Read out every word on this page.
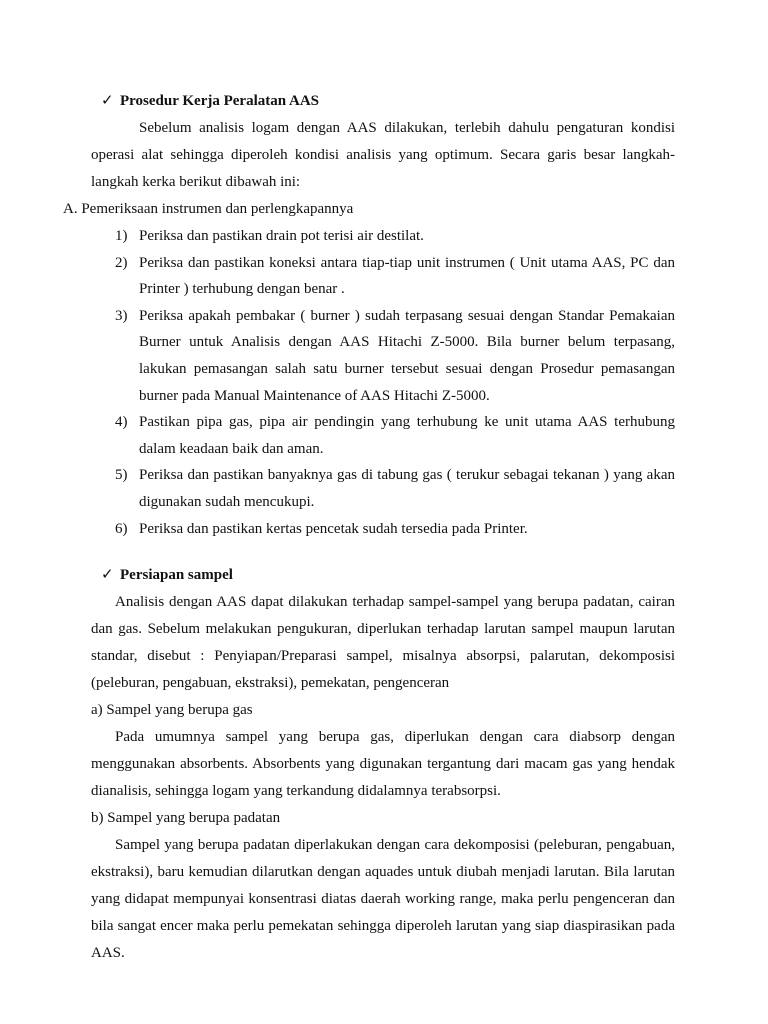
✓ Prosedur Kerja Peralatan AAS

Sebelum analisis logam dengan AAS dilakukan, terlebih dahulu pengaturan kondisi operasi alat sehingga diperoleh kondisi analisis yang optimum. Secara garis besar langkah-langkah kerka berikut dibawah ini:

A. Pemeriksaan instrumen dan perlengkapannya
1) Periksa dan pastikan drain pot terisi air destilat.
2) Periksa dan pastikan koneksi antara tiap-tiap unit instrumen ( Unit utama AAS, PC dan Printer ) terhubung dengan benar .
3) Periksa apakah pembakar ( burner ) sudah terpasang sesuai dengan Standar Pemakaian Burner untuk Analisis dengan AAS Hitachi Z-5000. Bila burner belum terpasang, lakukan pemasangan salah satu burner tersebut sesuai dengan Prosedur pemasangan burner pada Manual Maintenance of AAS Hitachi Z-5000.
4) Pastikan pipa gas, pipa air pendingin yang terhubung ke unit utama AAS terhubung dalam keadaan baik dan aman.
5) Periksa dan pastikan banyaknya gas di tabung gas ( terukur sebagai tekanan ) yang akan digunakan sudah mencukupi.
6) Periksa dan pastikan kertas pencetak sudah tersedia pada Printer.
✓ Persiapan sampel

Analisis dengan AAS dapat dilakukan terhadap sampel-sampel yang berupa padatan, cairan dan gas. Sebelum melakukan pengukuran, diperlukan terhadap larutan sampel maupun larutan standar, disebut : Penyiapan/Preparasi sampel, misalnya absorpsi, palarutan, dekomposisi (peleburan, pengabuan, ekstraksi), pemekatan, pengenceran

a) Sampel yang berupa gas

Pada umumnya sampel yang berupa gas, diperlukan dengan cara diabsorp dengan menggunakan absorbents. Absorbents yang digunakan tergantung dari macam gas yang hendak dianalisis, sehingga logam yang terkandung didalamnya terabsorpsi.

b) Sampel yang berupa padatan

Sampel yang berupa padatan diperlakukan dengan cara dekomposisi (peleburan, pengabuan, ekstraksi), baru kemudian dilarutkan dengan aquades untuk diubah menjadi larutan. Bila larutan yang didapat mempunyai konsentrasi diatas daerah working range, maka perlu pengenceran dan bila sangat encer maka perlu pemekatan sehingga diperoleh larutan yang siap diaspirasikan pada AAS.
